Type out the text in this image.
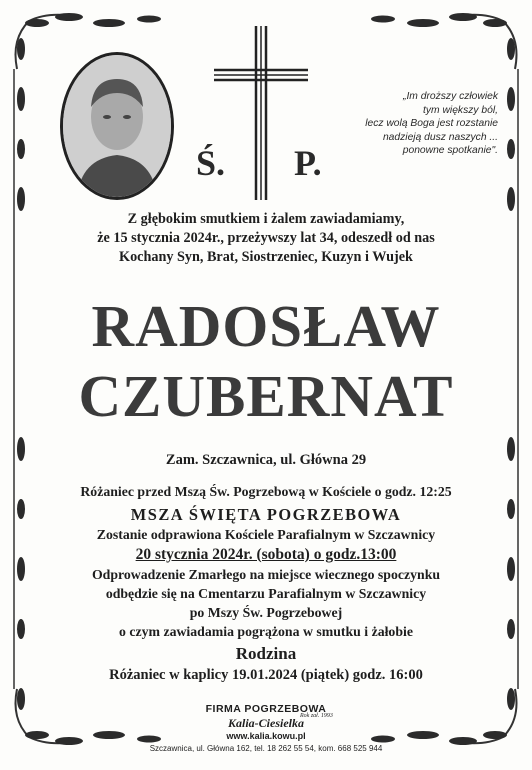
Ś. P.
„Im droższy człowiek
tym większy ból,
lecz wolą Boga jest rozstanie
nadzieją dusz naszych ...
ponowne spotkanie".
Z głębokim smutkiem i żalem zawiadamiamy,
że 15 stycznia 2024r., przeżywszy lat 34, odeszedł od nas
Kochany Syn, Brat, Siostrzeniec, Kuzyn i Wujek
RADOSŁAW
CZUBERNAT
Zam. Szczawnica, ul. Główna 29
Różaniec przed Mszą Św. Pogrzebową w Kościele o godz. 12:25
MSZA ŚWIĘTA POGRZEBOWA
Zostanie odprawiona Kościele Parafialnym w Szczawnicy
20 stycznia 2024r. (sobota) o godz.13:00
Odprowadzenie Zmarłego na miejsce wiecznego spoczynku
odbędzie się na Cmentarzu Parafialnym w Szczawnicy
po Mszy Św. Pogrzebowej
o czym zawiadamia pogrążona w smutku i żałobie
Rodzina
Różaniec w kaplicy 19.01.2024 (piątek) godz. 16:00
FIRMA POGRZEBOWA
Rok zał. 1993
Kalia-Ciesielka
www.kalia.kowu.pl
Szczawnica, ul. Główna 162, tel. 18 262 55 54, kom. 668 525 944
